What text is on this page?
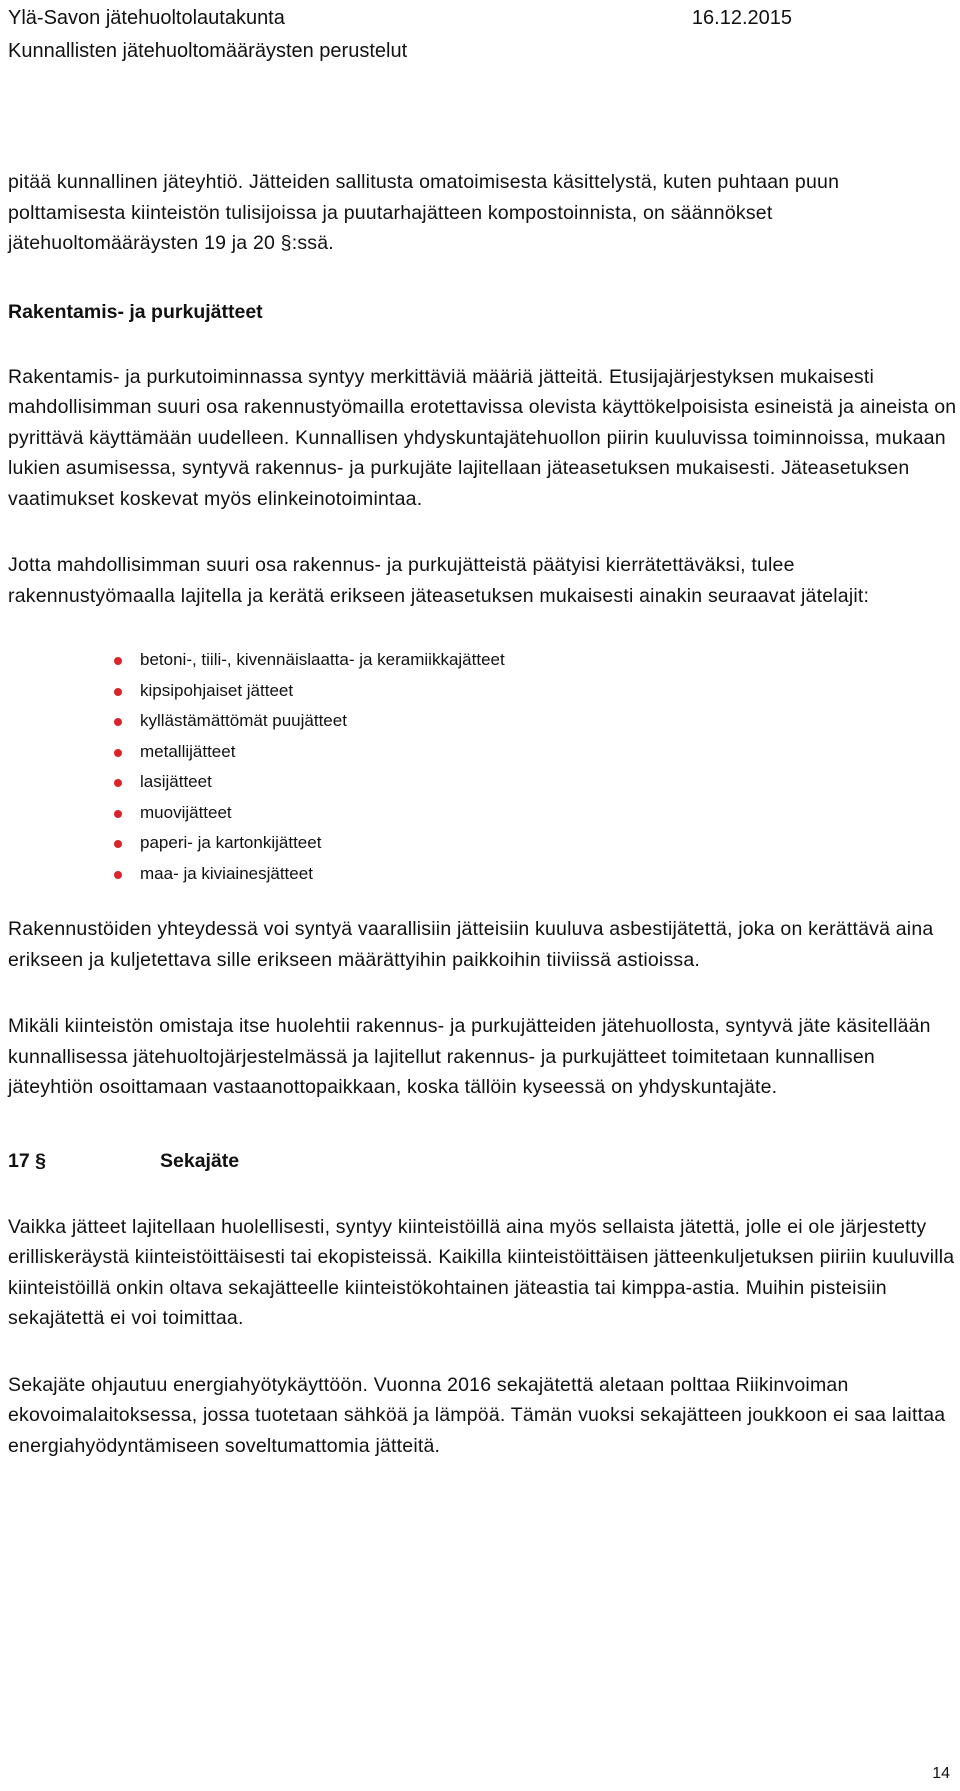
Ylä-Savon jätehuoltolautakunta	16.12.2015
Kunnallisten jätehuoltomääräysten perustelut

pitää kunnallinen jäteyhtiö. Jätteiden sallitusta omatoimisesta käsittelystä, kuten puhtaan puun polttamisesta kiinteistön tulisijoissa ja puutarhajätteen kompostoinnista, on säännökset jätehuoltomääräysten 19 ja 20 §:ssä.

Rakentamis- ja purkujätteet

Rakentamis- ja purkutoiminnassa syntyy merkittäviä määriä jätteitä. Etusijajärjestyksen mukaisesti mahdollisimman suuri osa rakennustyömailla erotettavissa olevista käyttökelpoisista esineistä ja aineista on pyrittävä käyttämään uudelleen. Kunnallisen yhdyskuntajätehuollon piirin kuuluvissa toiminnoissa, mukaan lukien asumisessa, syntyvä rakennus- ja purkujäte lajitellaan jäteasetuksen mukaisesti. Jäteasetuksen vaatimukset koskevat myös elinkeinotoimintaa.

Jotta mahdollisimman suuri osa rakennus- ja purkujätteistä päätyisi kierrätettäväksi, tulee rakennustyömaalla lajitella ja kerätä erikseen jäteasetuksen mukaisesti ainakin seuraavat jätelajit:

betoni-, tiili-, kivennäislaatta- ja keramiikkajätteet
kipsipohjaiset jätteet
kyllästämättömät puujätteet
metallijätteet
lasijätteet
muovijätteet
paperi- ja kartonkijätteet
maa- ja kiviainesjätteet

Rakennustöiden yhteydessä voi syntyä vaarallisiin jätteisiin kuuluva asbestijätettä, joka on kerättävä aina erikseen ja kuljetettava sille erikseen määrättyihin paikkoihin tiiviissä astioissa.

Mikäli kiinteistön omistaja itse huolehtii rakennus- ja purkujätteiden jätehuollosta, syntyvä jäte käsitellään kunnallisessa jätehuoltojärjestelmässä ja lajitellut rakennus- ja purkujätteet toimitetaan kunnallisen jäteyhtiön osoittamaan vastaanottopaikkaan, koska tällöin kyseessä on yhdyskuntajäte.

17 §	Sekajäte

Vaikka jätteet lajitellaan huolellisesti, syntyy kiinteistöillä aina myös sellaista jätettä, jolle ei ole järjestetty erilliskeräystä kiinteistöittäisesti tai ekopisteissä. Kaikilla kiinteistöittäisen jätteenkuljetuksen piiriin kuuluvilla kiinteistöillä onkin oltava sekajätteelle kiinteistökohtainen jäteastia tai kimppa-astia. Muihin pisteisiin sekajätettä ei voi toimittaa.

Sekajäte ohjautuu energiahyötykäyttöön. Vuonna 2016 sekajätettä aletaan polttaa Riikinvoiman ekovoimalaitoksessa, jossa tuotetaan sähköä ja lämpöä. Tämän vuoksi sekajätteen joukkoon ei saa laittaa energiahyödyntämiseen soveltumattomia jätteitä.

14
